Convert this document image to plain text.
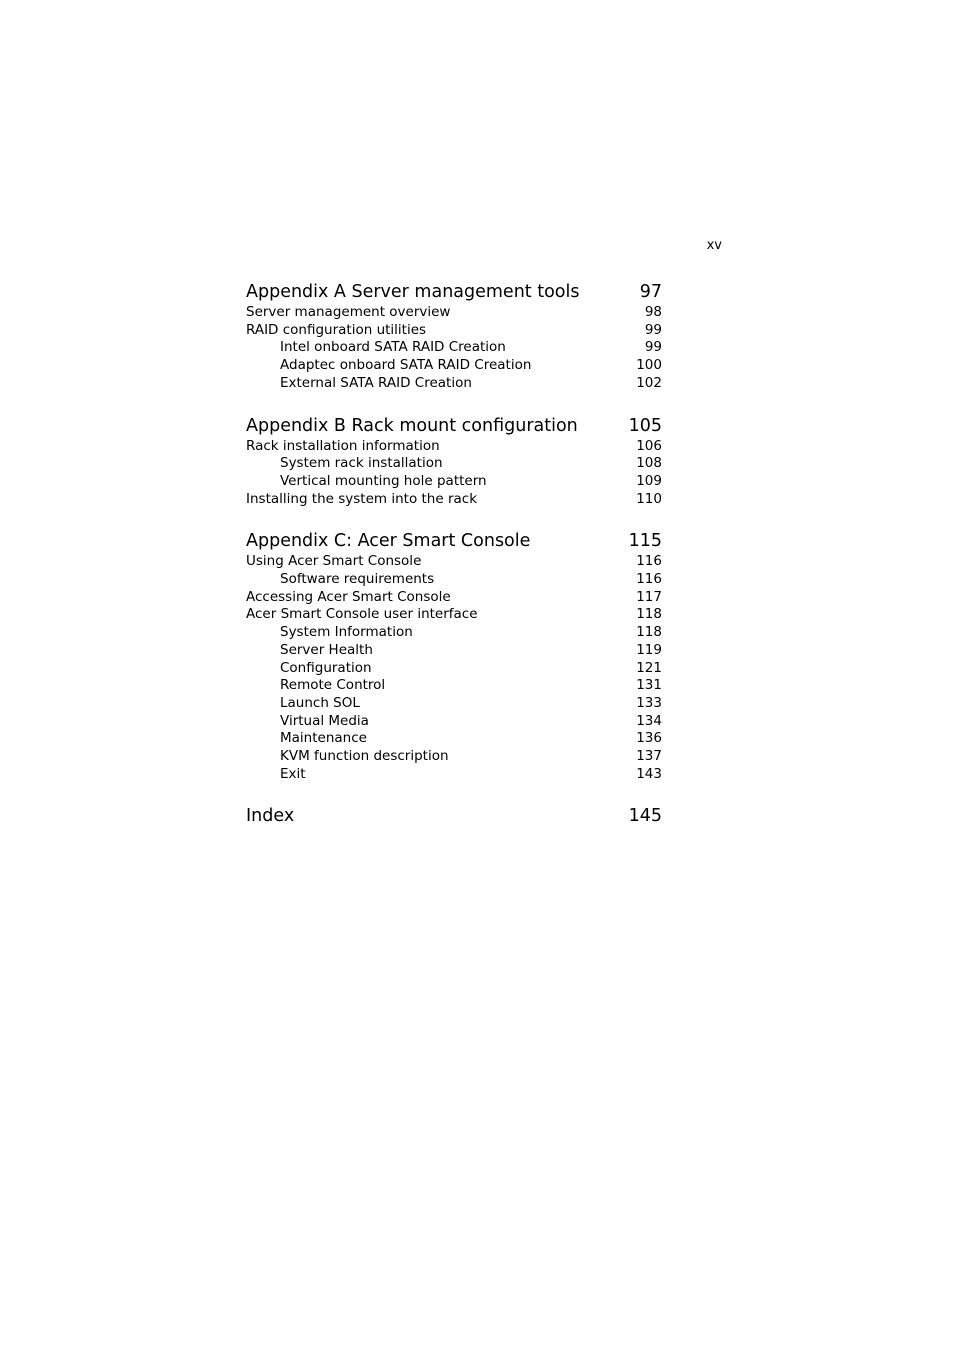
xv
Appendix A Server management tools	97
Server management overview	98
RAID configuration utilities	99
Intel onboard SATA RAID Creation	99
Adaptec onboard SATA RAID Creation	100
External SATA RAID Creation	102
Appendix B Rack mount configuration	105
Rack installation information	106
System rack installation	108
Vertical mounting hole pattern	109
Installing the system into the rack	110
Appendix C: Acer Smart Console	115
Using Acer Smart Console	116
Software requirements	116
Accessing Acer Smart Console	117
Acer Smart Console user interface	118
System Information	118
Server Health	119
Configuration	121
Remote Control	131
Launch SOL	133
Virtual Media	134
Maintenance	136
KVM function description	137
Exit	143
Index	145
